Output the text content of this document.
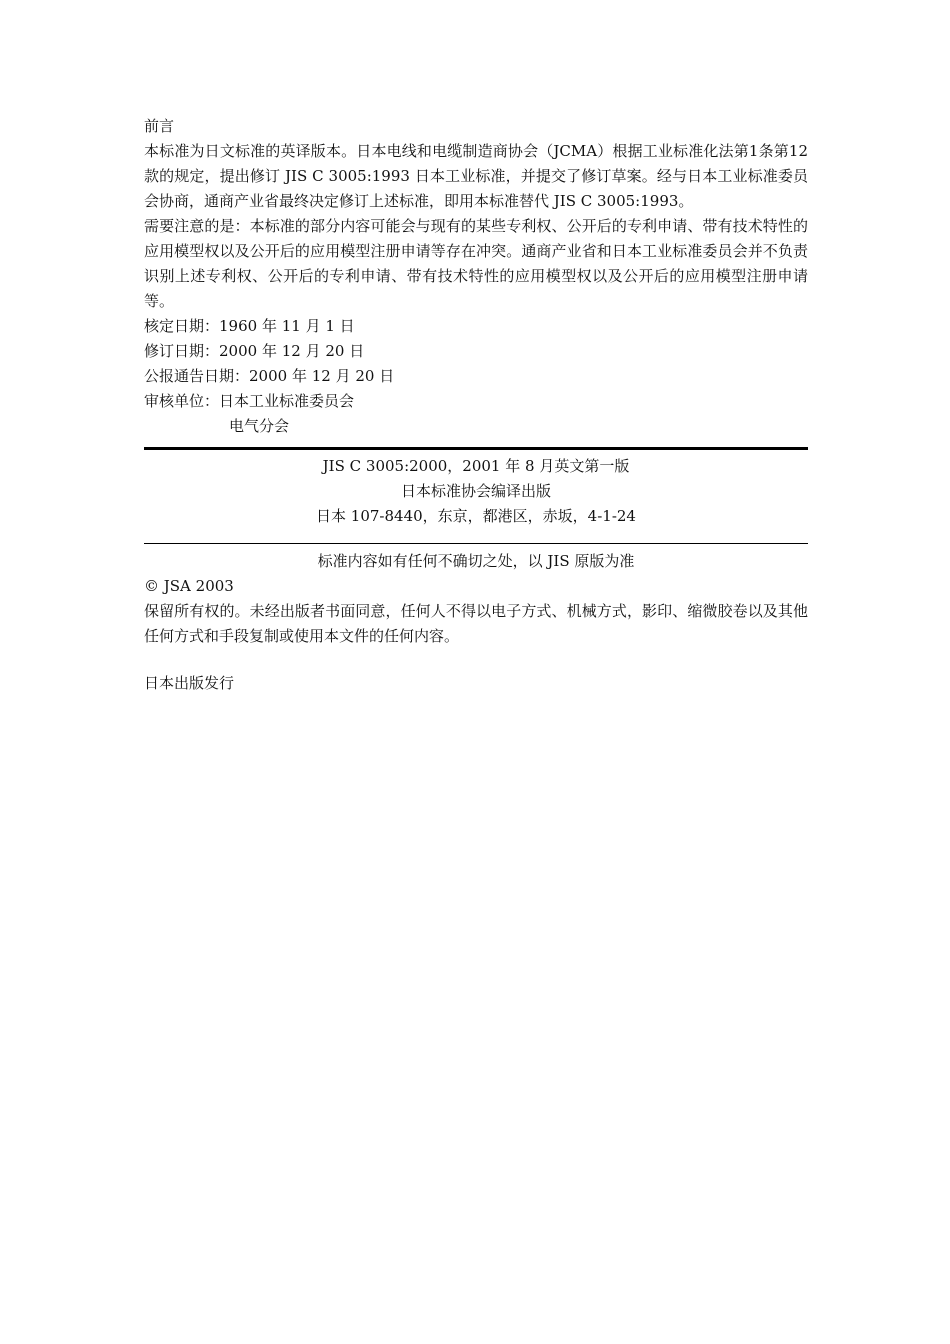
前言
本标准为日文标准的英译版本。日本电线和电缆制造商协会（JCMA）根据工业标准化法第1条第12款的规定，提出修订 JIS C 3005:1993 日本工业标准，并提交了修订草案。经与日本工业标准委员会协商，通商产业省最终决定修订上述标准，即用本标准替代 JIS C 3005:1993。
需要注意的是：本标准的部分内容可能会与现有的某些专利权、公开后的专利申请、带有技术特性的应用模型权以及公开后的应用模型注册申请等存在冲突。通商产业省和日本工业标准委员会并不负责识别上述专利权、公开后的专利申请、带有技术特性的应用模型权以及公开后的应用模型注册申请等。
核定日期：1960 年 11 月 1 日
修订日期：2000 年 12 月 20 日
公报通告日期：2000 年 12 月 20 日
审核单位：日本工业标准委员会
电气分会
JIS C 3005:2000，2001 年 8 月英文第一版
日本标准协会编译出版
日本 107-8440，东京，都港区，赤坂，4-1-24
标准内容如有任何不确切之处，以 JIS 原版为准
© JSA 2003
保留所有权的。未经出版者书面同意，任何人不得以电子方式、机械方式，影印、缩微胶卷以及其他任何方式和手段复制或使用本文件的任何内容。
日本出版发行
